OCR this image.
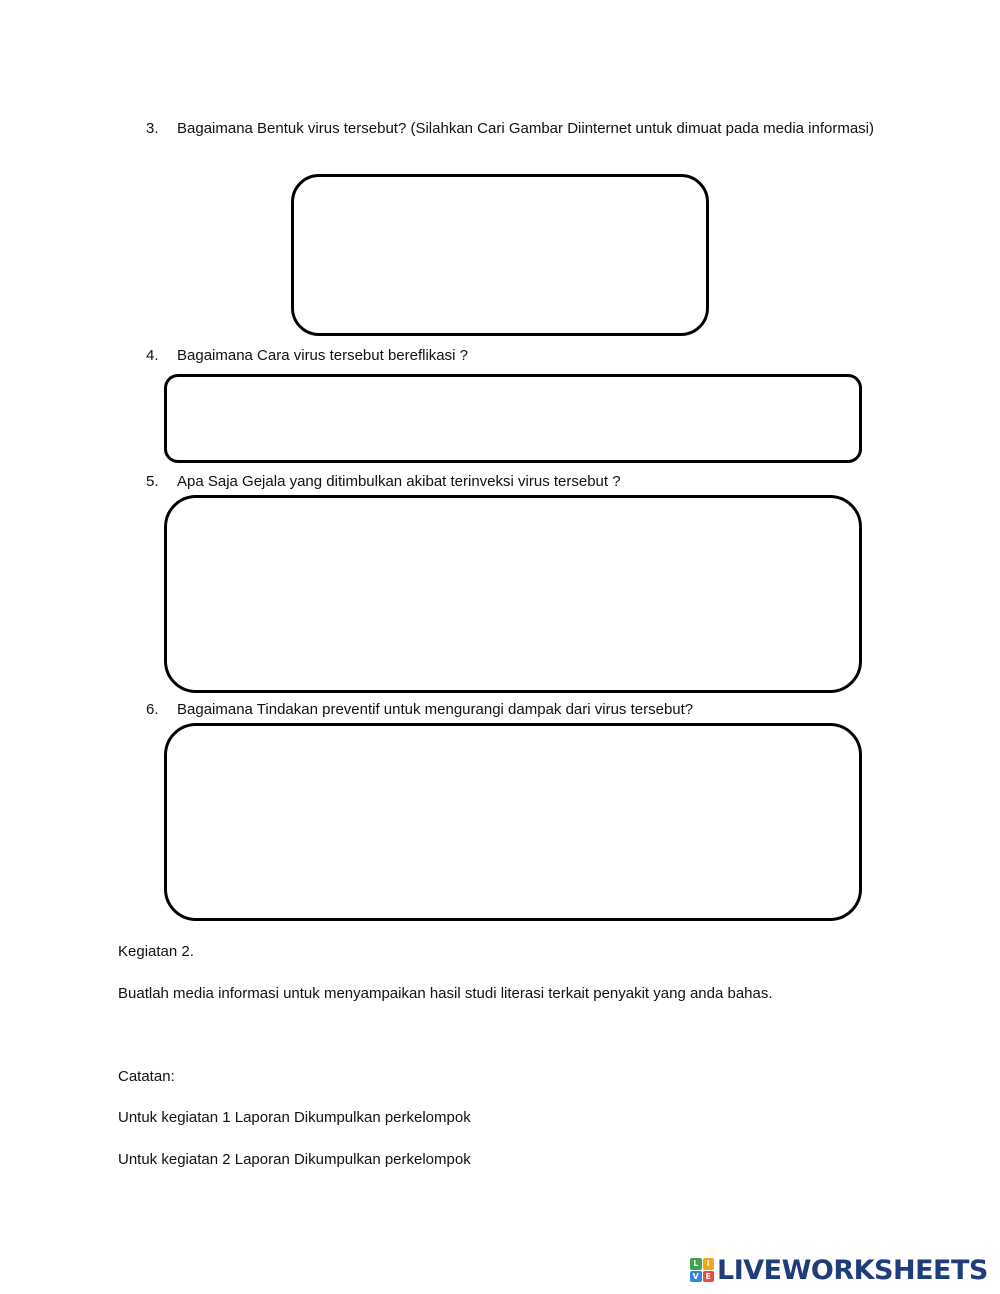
3. Bagaimana Bentuk virus tersebut? (Silahkan Cari Gambar Diinternet untuk dimuat pada media informasi)
4. Bagaimana Cara virus tersebut bereflikasi ?
5. Apa Saja Gejala yang ditimbulkan akibat terinveksi virus tersebut ?
6. Bagaimana Tindakan preventif untuk mengurangi dampak dari virus tersebut?
Kegiatan 2.
Buatlah media informasi untuk menyampaikan hasil studi literasi terkait penyakit yang anda bahas.
Catatan:
Untuk kegiatan 1 Laporan Dikumpulkan perkelompok
Untuk kegiatan 2 Laporan Dikumpulkan perkelompok
L	I
V E LIVEWORKSHEETS
